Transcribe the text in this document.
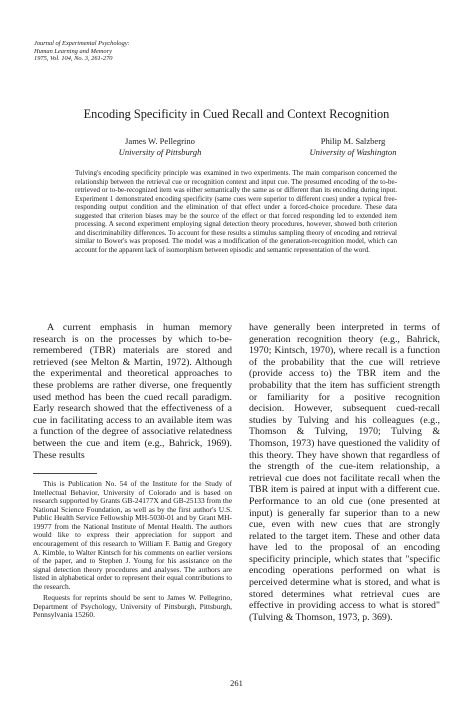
Journal of Experimental Psychology:
Human Learning and Memory
1975, Vol. 104, No. 3, 261-270
Encoding Specificity in Cued Recall and Context Recognition
James W. Pellegrino
University of Pittsburgh
Philip M. Salzberg
University of Washington
Tulving's encoding specificity principle was examined in two experiments. The main comparison concerned the relationship between the retrieval cue or recognition context and input cue. The presumed encoding of the to-be-retrieved or to-be-recognized item was either semantically the same as or different than its encoding during input. Experiment 1 demonstrated encoding specificity (same cues were superior to different cues) under a typical free-responding output condition and the elimination of that effect under a forced-choice procedure. These data suggested that criterion biases may be the source of the effect or that forced responding led to extended item processing. A second experiment employing signal detection theory procedures, however, showed both criterion and discriminability differences. To account for these results a stimulus sampling theory of encoding and retrieval similar to Bower's was proposed. The model was a modification of the generation-recognition model, which can account for the apparent lack of isomorphism between episodic and semantic representation of the word.

A current emphasis in human memory research is on the processes by which to-be-remembered (TBR) materials are stored and retrieved (see Melton & Martin, 1972). Although the experimental and theoretical approaches to these problems are rather diverse, one frequently used method has been the cued recall paradigm. Early research showed that the effectiveness of a cue in facilitating access to an available item was a function of the degree of associative relatedness between the cue and item (e.g., Bahrick, 1969). These results

This is Publication No. 54 of the Institute for the Study of Intellectual Behavior, University of Colorado and is based on research supported by Grants GB-24177X and GB-25133 from the National Science Foundation, as well as by the first author's U.S. Public Health Service Fellowship MH-5030-01 and by Grant MH-19977 from the National Institute of Mental Health. The authors would like to express their appreciation for support and encouragement of this research to William F. Battig and Gregory A. Kimble, to Walter Kintsch for his comments on earlier versions of the paper, and to Stephen J. Young for his assistance on the signal detection theory procedures and analyses. The authors are listed in alphabetical order to represent their equal contributions to the research.

Requests for reprints should be sent to James W. Pellegrino, Department of Psychology, University of Pittsburgh, Pittsburgh, Pennsylvania 15260.

have generally been interpreted in terms of generation recognition theory (e.g., Bahrick, 1970; Kintsch, 1970), where recall is a function of the probability that the cue will retrieve (provide access to) the TBR item and the probability that the item has sufficient strength or familiarity for a positive recognition decision. However, subsequent cued-recall studies by Tulving and his colleagues (e.g., Thomson & Tulving, 1970; Tulving & Thomson, 1973) have questioned the validity of this theory. They have shown that regardless of the strength of the cue-item relationship, a retrieval cue does not facilitate recall when the TBR item is paired at input with a different cue. Performance to an old cue (one presented at input) is generally far superior than to a new cue, even with new cues that are strongly related to the target item. These and other data have led to the proposal of an encoding specificity principle, which states that "specific encoding operations performed on what is perceived determine what is stored, and what is stored determines what retrieval cues are effective in providing access to what is stored" (Tulving & Thomson, 1973, p. 369).

261
